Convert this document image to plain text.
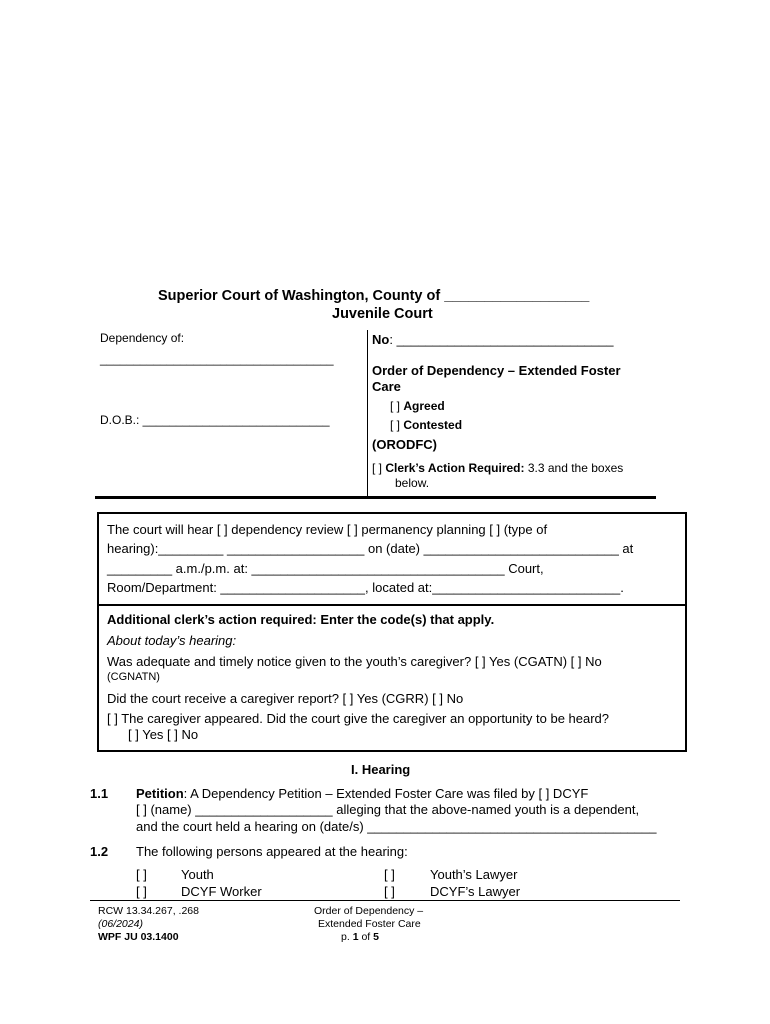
Superior Court of Washington, County of __________________
Juvenile Court
Dependency of:
___________________________________
D.O.B.: ____________________________
No: ______________________________
Order of Dependency – Extended Foster
Care
[ ] Agreed
[ ] Contested
(ORODFC)
[ ] Clerk’s Action Required: 3.3 and the boxes
below.
The court will hear [ ] dependency review [ ] permanency planning [ ] (type of
hearing):_________ ___________________ on (date) ___________________________ at
_________ a.m./p.m. at: ___________________________________ Court,
Room/Department: ____________________, located at:__________________________.
Additional clerk’s action required: Enter the code(s) that apply.
About today’s hearing:
Was adequate and timely notice given to the youth’s caregiver? [ ] Yes (CGATN) [ ] No
(CGNATN)
Did the court receive a caregiver report? [ ] Yes (CGRR) [ ] No
[ ] The caregiver appeared. Did the court give the caregiver an opportunity to be heard?
[ ] Yes [ ] No
I. Hearing
1.1 Petition: A Dependency Petition – Extended Foster Care was filed by [ ] DCYF
[ ] (name) ___________________ alleging that the above-named youth is a dependent,
and the court held a hearing on (date/s) ________________________________________
1.2 The following persons appeared at the hearing:
[ ]	Youth	[ ]	Youth’s Lawyer
[ ]	DCYF Worker	[ ]	DCYF’s Lawyer
RCW 13.34.267, .268
(06/2024)
WPF JU 03.1400
Order of Dependency –
Extended Foster Care
p. 1 of 5
